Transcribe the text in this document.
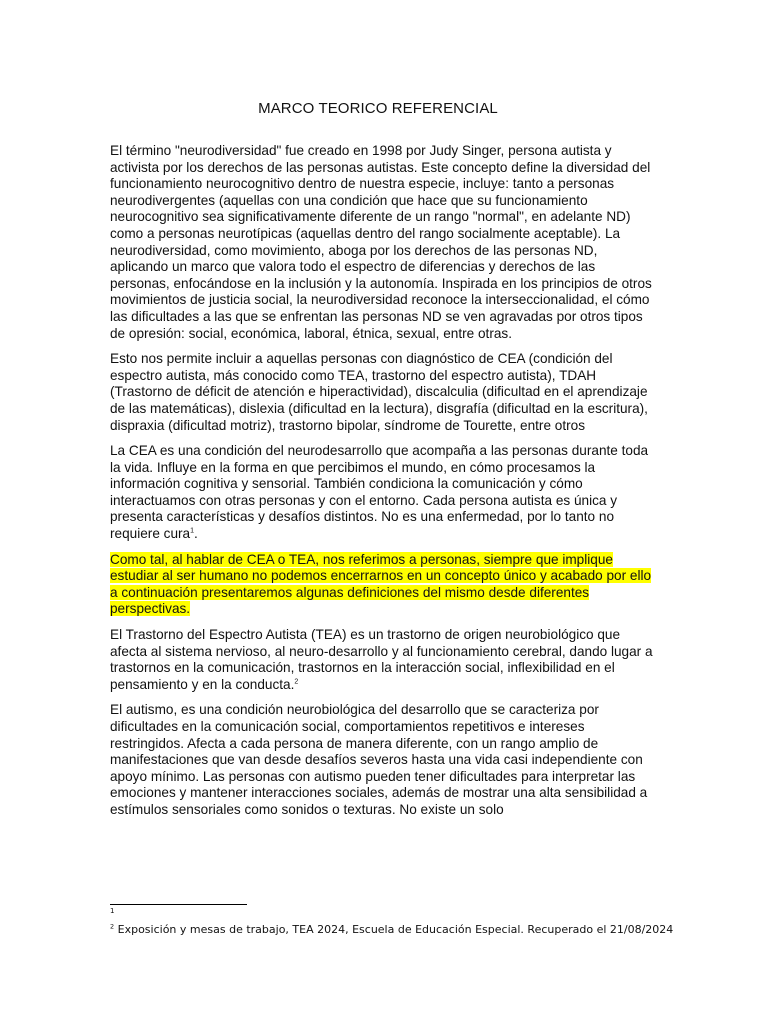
MARCO TEORICO REFERENCIAL

El término "neurodiversidad" fue creado en 1998 por Judy Singer, persona autista y activista por los derechos de las personas autistas. Este concepto define la diversidad del funcionamiento neurocognitivo dentro de nuestra especie, incluye: tanto a personas neurodivergentes (aquellas con una condición que hace que su funcionamiento neurocognitivo sea significativamente diferente de un rango "normal", en adelante ND) como a personas neurotípicas (aquellas dentro del rango socialmente aceptable). La neurodiversidad, como movimiento, aboga por los derechos de las personas ND, aplicando un marco que valora todo el espectro de diferencias y derechos de las personas, enfocándose en la inclusión y la autonomía. Inspirada en los principios de otros movimientos de justicia social, la neurodiversidad reconoce la interseccionalidad, el cómo las dificultades a las que se enfrentan las personas ND se ven agravadas por otros tipos de opresión: social, económica, laboral, étnica, sexual, entre otras.

Esto nos permite incluir a aquellas personas con diagnóstico de CEA (condición del espectro autista, más conocido como TEA, trastorno del espectro autista), TDAH (Trastorno de déficit de atención e hiperactividad), discalculia (dificultad en el aprendizaje de las matemáticas), dislexia (dificultad en la lectura), disgrafía (dificultad en la escritura), dispraxia (dificultad motriz), trastorno bipolar, síndrome de Tourette, entre otros

La CEA es una condición del neurodesarrollo que acompaña a las personas durante toda la vida. Influye en la forma en que percibimos el mundo, en cómo procesamos la información cognitiva y sensorial. También condiciona la comunicación y cómo interactuamos con otras personas y con el entorno. Cada persona autista es única y presenta características y desafíos distintos. No es una enfermedad, por lo tanto no requiere cura$^1$.

Como tal, al hablar de CEA o TEA, nos referimos a personas, siempre que implique estudiar al ser humano no podemos encerrarnos en un concepto único y acabado por ello a continuación presentaremos algunas definiciones del mismo desde diferentes perspectivas.

El Trastorno del Espectro Autista (TEA) es un trastorno de origen neurobiológico que afecta al sistema nervioso, al neuro-desarrollo y al funcionamiento cerebral, dando lugar a trastornos en la comunicación, trastornos en la interacción social, inflexibilidad en el pensamiento y en la conducta.$^2$

El autismo, es una condición neurobiológica del desarrollo que se caracteriza por dificultades en la comunicación social, comportamientos repetitivos e intereses restringidos. Afecta a cada persona de manera diferente, con un rango amplio de manifestaciones que van desde desafíos severos hasta una vida casi independiente con apoyo mínimo. Las personas con autismo pueden tener dificultades para interpretar las emociones y mantener interacciones sociales, además de mostrar una alta sensibilidad a estímulos sensoriales como sonidos o texturas. No existe un solo

1
$^2$ Exposición y mesas de trabajo, TEA 2024, Escuela de Educación Especial. Recuperado el 21/08/2024
